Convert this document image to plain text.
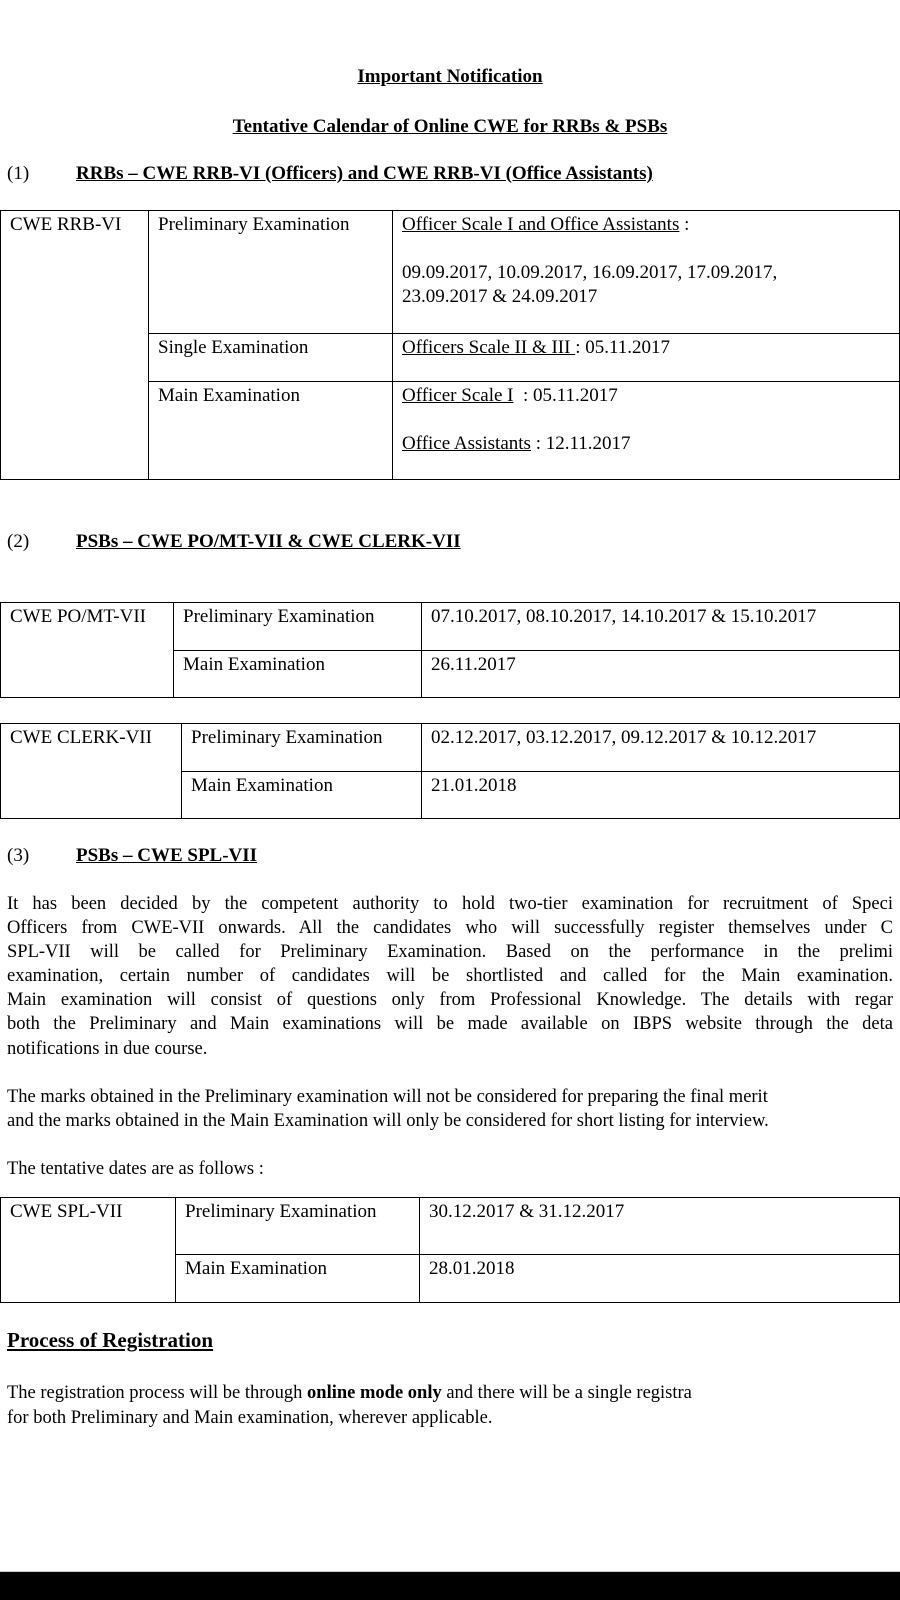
Important Notification
Tentative Calendar of Online CWE for RRBs & PSBs
(1) RRBs – CWE RRB-VI (Officers) and CWE RRB-VI (Office Assistants)
CWE RRB-VI	Preliminary Examination	Officer Scale I and Office Assistants :
09.09.2017, 10.09.2017, 16.09.2017, 17.09.2017,
23.09.2017 & 24.09.2017

	Single Examination	Officers Scale II & III : 05.11.2017
	Main Examination	Officer Scale I  : 05.11.2017
Office Assistants : 12.11.2017
(2) PSBs – CWE PO/MT-VII & CWE CLERK-VII
CWE PO/MT-VII	Preliminary Examination	07.10.2017, 08.10.2017, 14.10.2017 & 15.10.2017
	Main Examination	26.11.2017
CWE CLERK-VII	Preliminary Examination	02.12.2017, 03.12.2017, 09.12.2017 & 10.12.2017
	Main Examination	21.01.2018
(3) PSBs – CWE SPL-VII
It has been decided by the competent authority to hold two-tier examination for recruitment of Speci
Officers from CWE-VII onwards. All the candidates who will successfully register themselves under C
SPL-VII will be called for Preliminary Examination. Based on the performance in the prelimi
examination, certain number of candidates will be shortlisted and called for the Main examination.
Main examination will consist of questions only from Professional Knowledge. The details with regar
both the Preliminary and Main examinations will be made available on IBPS website through the deta
notifications in due course.
The marks obtained in the Preliminary examination will not be considered for preparing the final merit
and the marks obtained in the Main Examination will only be considered for short listing for interview.
The tentative dates are as follows :
CWE SPL-VII	Preliminary Examination	30.12.2017 & 31.12.2017
	Main Examination	28.01.2018
Process of Registration
The registration process will be through online mode only and there will be a single registra
for both Preliminary and Main examination, wherever applicable.
